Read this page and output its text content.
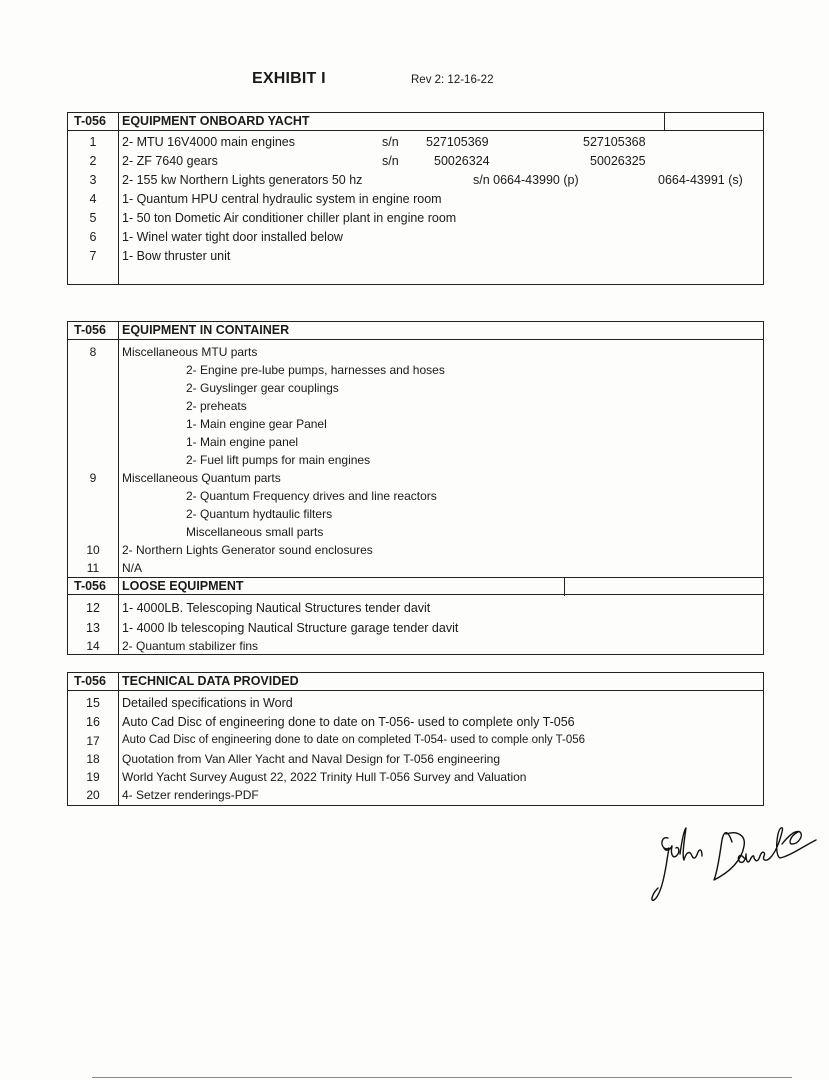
EXHIBIT I	Rev 2: 12-16-22
T-056 EQUIPMENT ONBOARD YACHT
1	2- MTU 16V4000 main engines	s/n 527105369	527105368
2	2- ZF 7640 gears	s/n	50026324	50026325
3	2- 155 kw Northern Lights generators 50 hz	s/n 0664-43990 (p)	0664-43991 (s)
4	1- Quantum HPU central hydraulic system in engine room
5	1- 50 ton Dometic Air conditioner chiller plant in engine room
6	1- Winel water tight door installed below
7	1- Bow thruster unit
T-056 EQUIPMENT IN CONTAINER
8	Miscellaneous MTU parts
2- Engine pre-lube pumps, harnesses and hoses
2- Guyslinger gear couplings
2- preheats
1- Main engine gear Panel
1- Main engine panel
2- Fuel lift pumps for main engines
9	Miscellaneous Quantum parts
2- Quantum Frequency drives and line reactors
2- Quantum hydtaulic filters
Miscellaneous small parts
10	2- Northern Lights Generator sound enclosures
11	N/A
T-056 LOOSE EQUIPMENT
12	1- 4000LB. Telescoping Nautical Structures tender davit
13	1- 4000 lb telescoping Nautical Structure garage tender davit
14	2- Quantum stabilizer fins
T-056 TECHNICAL DATA PROVIDED
15	Detailed specifications in Word
16	Auto Cad Disc of engineering done to date on T-056- used to complete only T-056
17	Auto Cad Disc of engineering done to date on completed T-054- used to comple only T-056
18	Quotation from Van Aller Yacht and Naval Design for T-056 engineering
19	World Yacht Survey August 22, 2022 Trinity Hull T-056 Survey and Valuation
20	4- Setzer renderings-PDF
